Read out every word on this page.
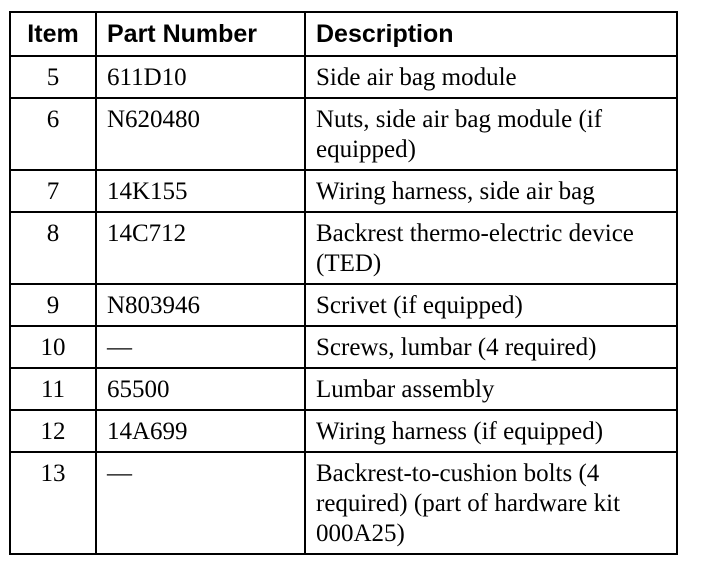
Item	Part Number	Description
5	611D10	Side air bag module
6	N620480	Nuts, side air bag module (if equipped)
7	14K155	Wiring harness, side air bag
8	14C712	Backrest thermo-electric device (TED)
9	N803946	Scrivet (if equipped)
10	—	Screws, lumbar (4 required)
11	65500	Lumbar assembly
12	14A699	Wiring harness (if equipped)
13	—	Backrest-to-cushion bolts (4 required) (part of hardware kit 000A25)
